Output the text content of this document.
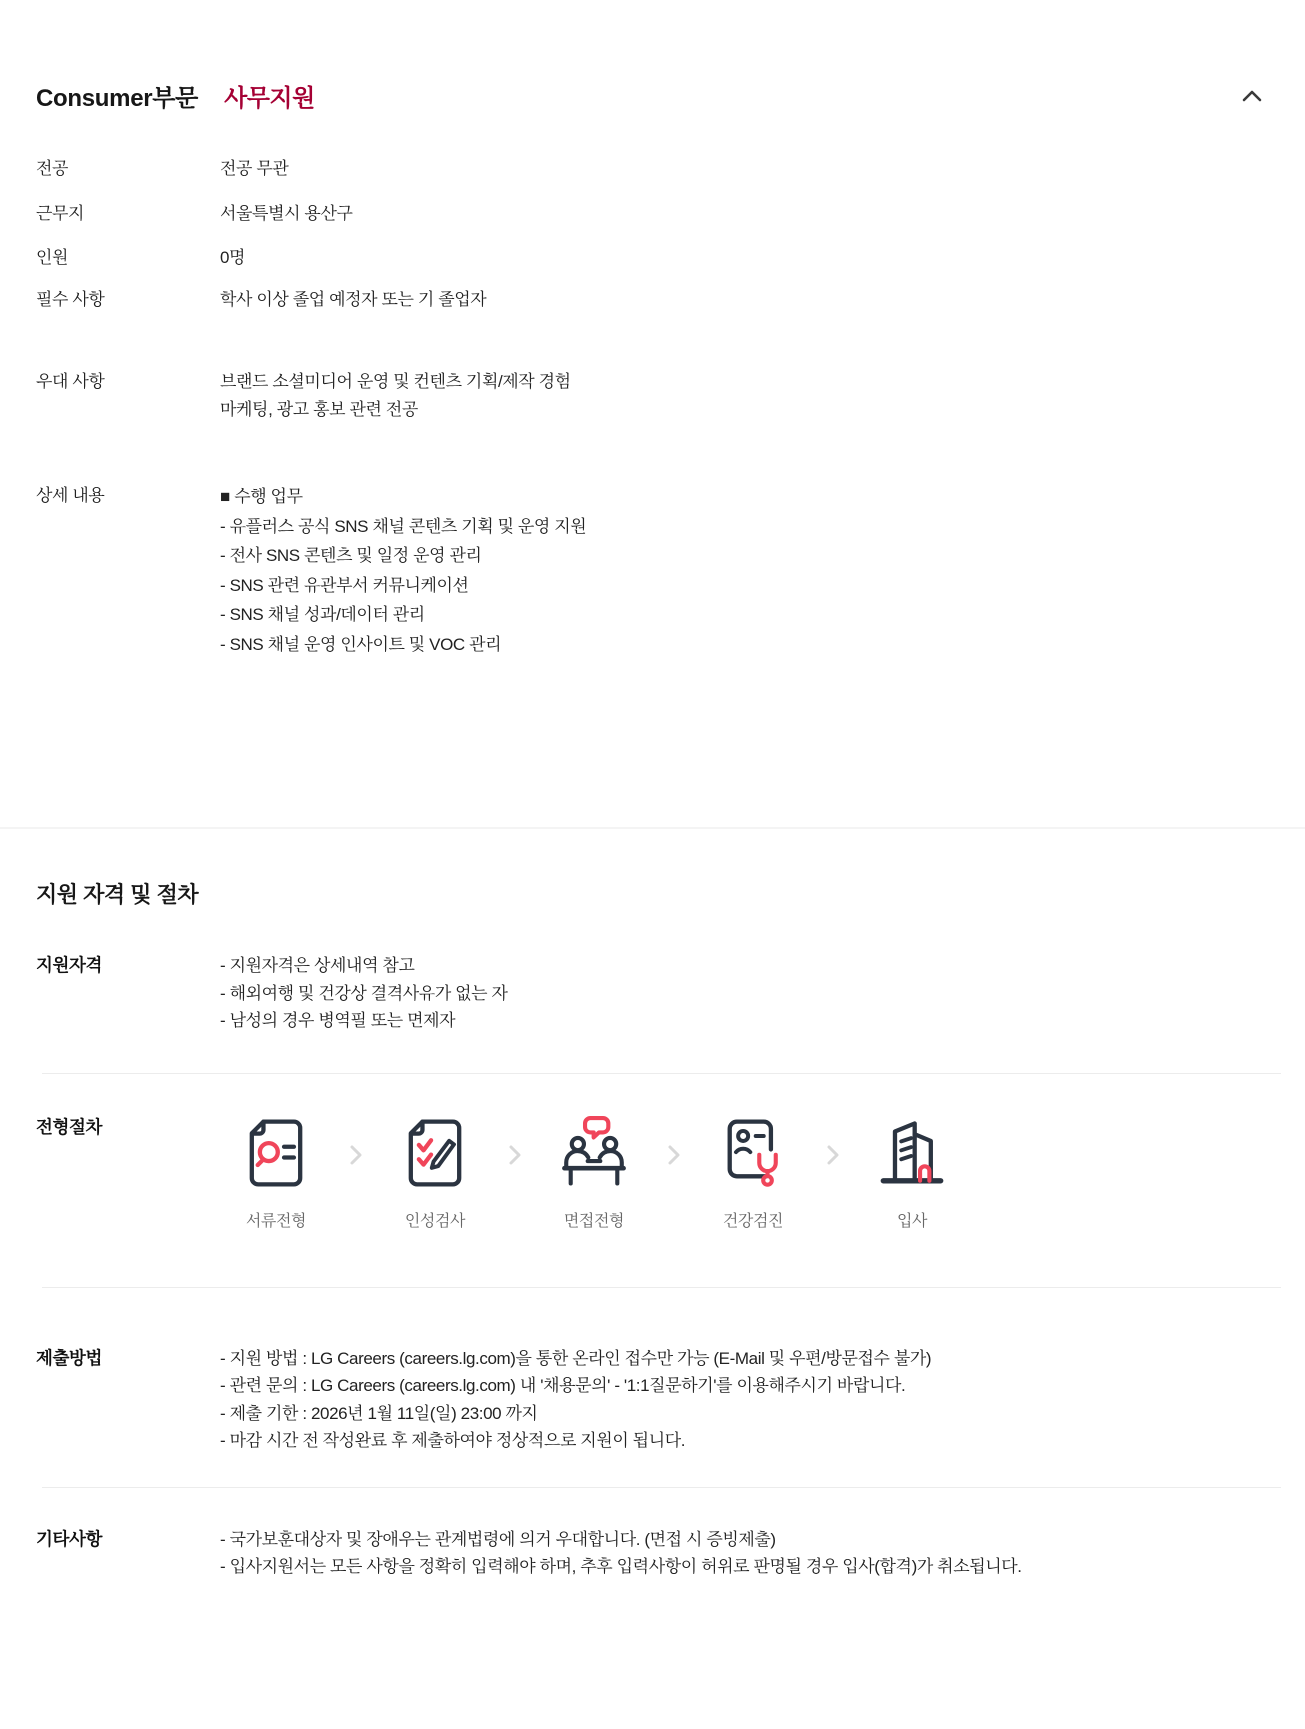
Consumer부문 사무지원
전공	전공 무관
근무지	서울특별시 용산구
인원	0명
필수 사항	학사 이상 졸업 예정자 또는 기 졸업자
우대 사항	브랜드 소셜미디어 운영 및 컨텐츠 기획/제작 경험
마케팅, 광고 홍보 관련 전공
상세 내용	■ 수행 업무
- 유플러스 공식 SNS 채널 콘텐츠 기획 및 운영 지원
- 전사 SNS 콘텐츠 및 일정 운영 관리
- SNS 관련 유관부서 커뮤니케이션
- SNS 채널 성과/데이터 관리
- SNS 채널 운영 인사이트 및 VOC 관리
지원 자격 및 절차
지원자격	- 지원자격은 상세내역 참고
- 해외여행 및 건강상 결격사유가 없는 자
- 남성의 경우 병역필 또는 면제자
전형절차
서류전형	인성검사	면접전형	건강검진	입사
제출방법	- 지원 방법 : LG Careers (careers.lg.com)을 통한 온라인 접수만 가능 (E-Mail 및 우편/방문접수 불가)
- 관련 문의 : LG Careers (careers.lg.com) 내 '채용문의' - '1:1질문하기'를 이용해주시기 바랍니다.
- 제출 기한 : 2026년 1월 11일(일) 23:00 까지
- 마감 시간 전 작성완료 후 제출하여야 정상적으로 지원이 됩니다.
기타사항	- 국가보훈대상자 및 장애우는 관계법령에 의거 우대합니다. (면접 시 증빙제출)
- 입사지원서는 모든 사항을 정확히 입력해야 하며, 추후 입력사항이 허위로 판명될 경우 입사(합격)가 취소됩니다.
